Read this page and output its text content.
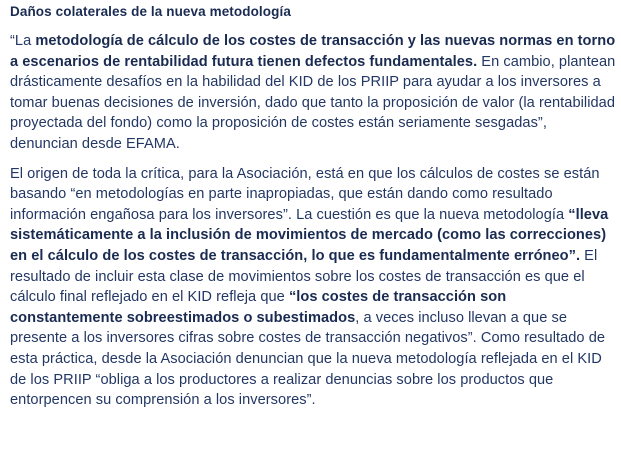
Daños colaterales de la nueva metodología

“La metodología de cálculo de los costes de transacción y las nuevas normas en torno a escenarios de rentabilidad futura tienen defectos fundamentales. En cambio, plantean drásticamente desafíos en la habilidad del KID de los PRIIP para ayudar a los inversores a tomar buenas decisiones de inversión, dado que tanto la proposición de valor (la rentabilidad proyectada del fondo) como la proposición de costes están seriamente sesgadas”, denuncian desde EFAMA.

El origen de toda la crítica, para la Asociación, está en que los cálculos de costes se están basando “en metodologías en parte inapropiadas, que están dando como resultado información engañosa para los inversores”. La cuestión es que la nueva metodología “lleva sistemáticamente a la inclusión de movimientos de mercado (como las correcciones) en el cálculo de los costes de transacción, lo que es fundamentalmente erróneo”. El resultado de incluir esta clase de movimientos sobre los costes de transacción es que el cálculo final reflejado en el KID refleja que “los costes de transacción son constantemente sobreestimados o subestimados, a veces incluso llevan a que se presente a los inversores cifras sobre costes de transacción negativos”. Como resultado de esta práctica, desde la Asociación denuncian que la nueva metodología reflejada en el KID de los PRIIP “obliga a los productores a realizar denuncias sobre los productos que entorpencen su comprensión a los inversores”.
